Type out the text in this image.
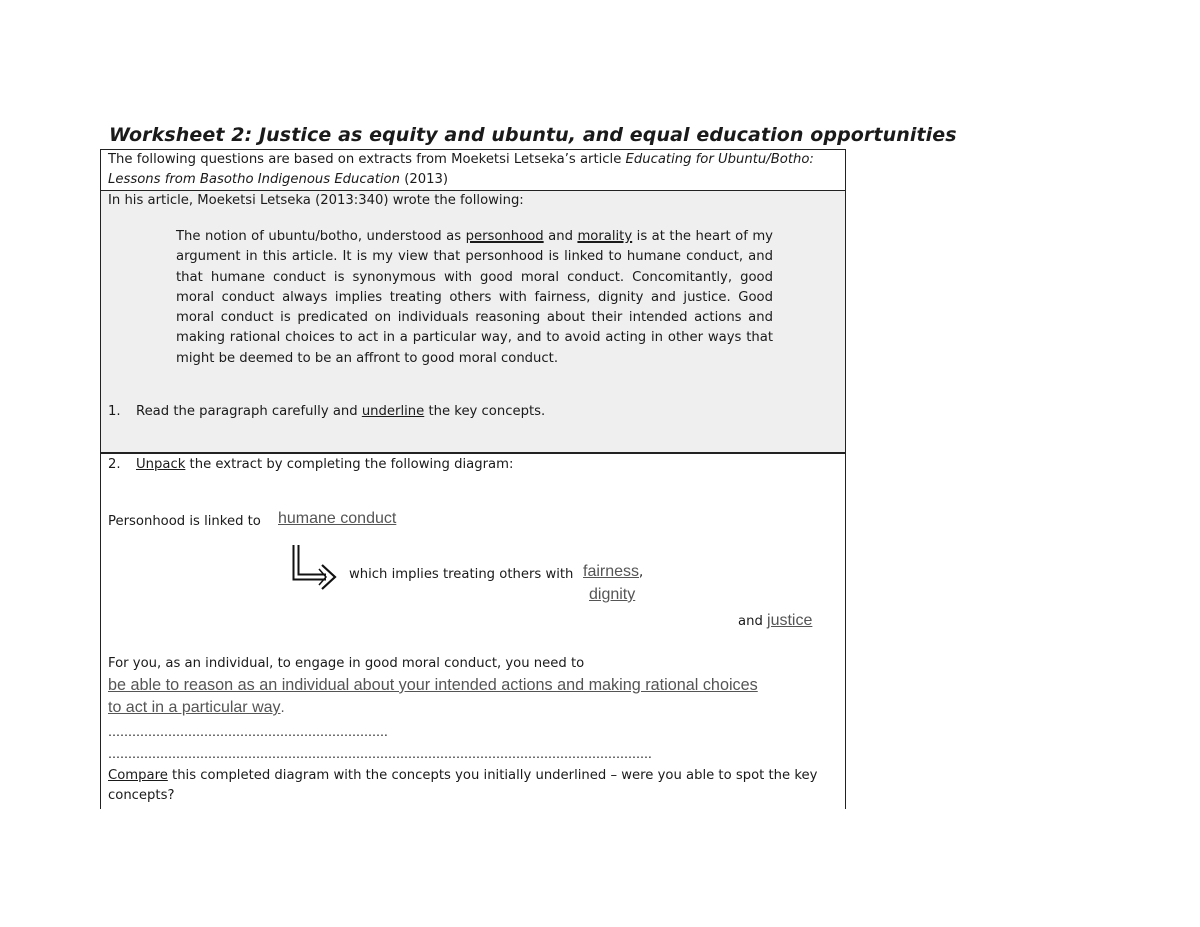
Worksheet 2: Justice as equity and ubuntu, and equal education opportunities
The following questions are based on extracts from Moeketsi Letseka’s article Educating for Ubuntu/Botho: Lessons from Basotho Indigenous Education (2013)
In his article, Moeketsi Letseka (2013:340) wrote the following:
The notion of ubuntu/botho, understood as personhood and morality is at the heart of my argument in this article. It is my view that personhood is linked to humane conduct, and that humane conduct is synonymous with good moral conduct. Concomitantly, good moral conduct always implies treating others with fairness, dignity and justice. Good moral conduct is predicated on individuals reasoning about their intended actions and making rational choices to act in a particular way, and to avoid acting in other ways that might be deemed to be an affront to good moral conduct.
1. Read the paragraph carefully and underline the key concepts.
2. Unpack the extract by completing the following diagram:
Personhood is linked to humane conduct
which implies treating others with fairness,
dignity
and justice
For you, as an individual, to engage in good moral conduct, you need to
be able to reason as an individual about your intended actions and making rational choices
to act in a particular way.
…………………………………………………………….
……………………………………………………………………………………………………………………….
Compare this completed diagram with the concepts you initially underlined – were you able to spot the key concepts?
